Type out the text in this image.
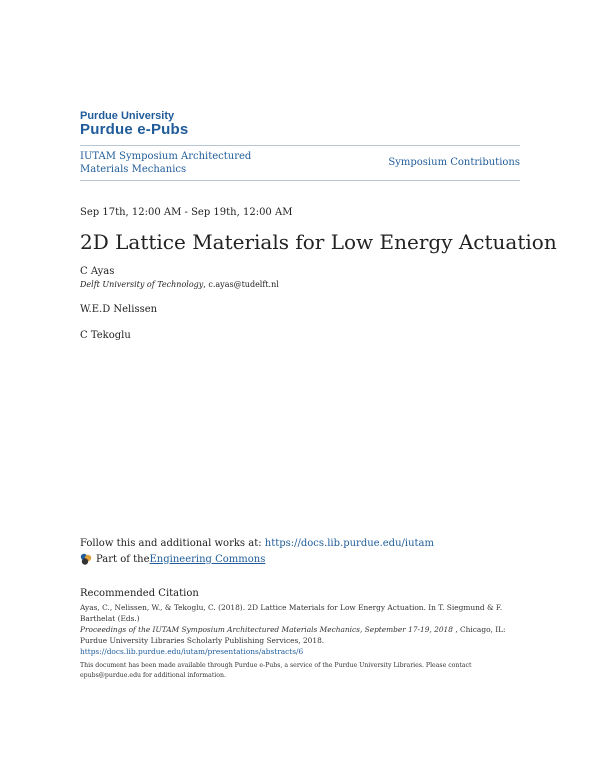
Purdue University
Purdue e-Pubs
IUTAM Symposium Architectured Materials Mechanics
Symposium Contributions
Sep 17th, 12:00 AM - Sep 19th, 12:00 AM
2D Lattice Materials for Low Energy Actuation
C Ayas
Delft University of Technology, c.ayas@tudelft.nl
W.E.D Nelissen
C Tekoglu
Follow this and additional works at: https://docs.lib.purdue.edu/iutam
Part of the Engineering Commons
Recommended Citation
Ayas, C., Nelissen, W., & Tekoglu, C. (2018). 2D Lattice Materials for Low Energy Actuation. In T. Siegmund & F. Barthelat (Eds.)
Proceedings of the IUTAM Symposium Architectured Materials Mechanics, September 17-19, 2018 , Chicago, IL: Purdue University Libraries Scholarly Publishing Services, 2018. https://docs.lib.purdue.edu/iutam/presentations/abstracts/6
This document has been made available through Purdue e-Pubs, a service of the Purdue University Libraries. Please contact epubs@purdue.edu for additional information.
